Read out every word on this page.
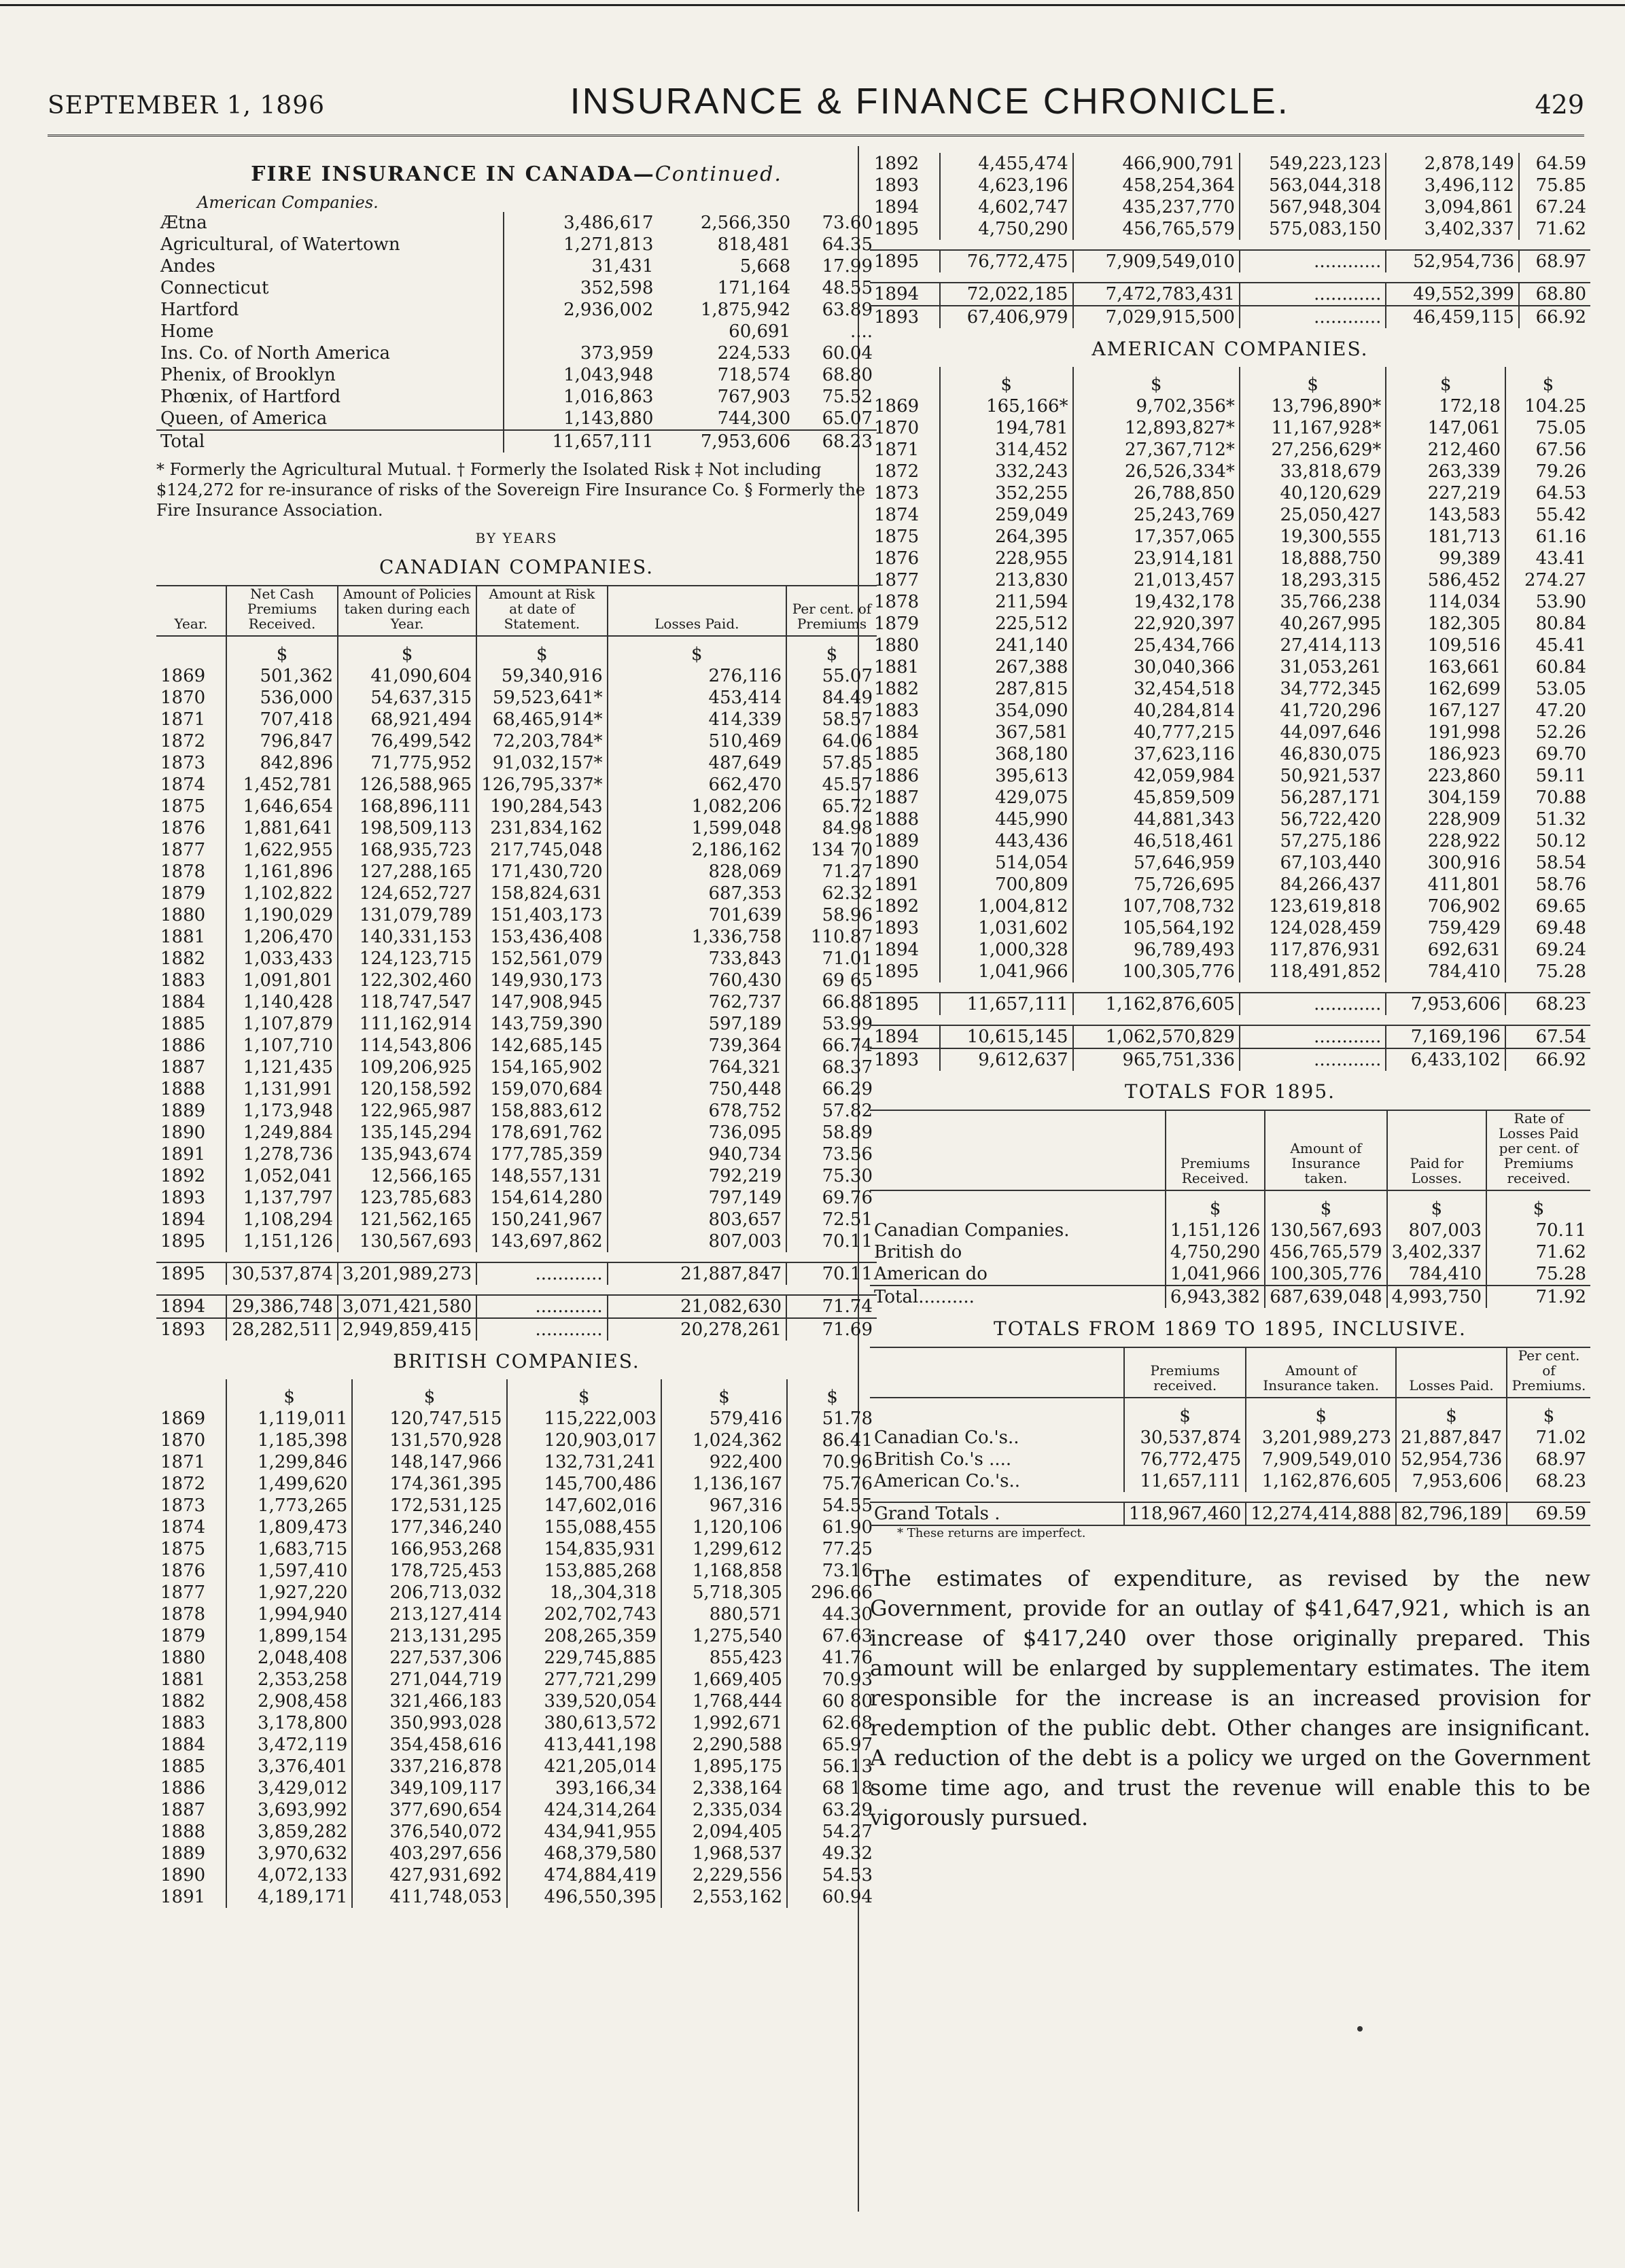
SEPTEMBER 1, 1896	INSURANCE & FINANCE CHRONICLE.	429
FIRE INSURANCE IN CANADA—Continued.
American Companies.
Ætna	3,486,617	2,566,350	73.60
Agricultural, of Watertown	1,271,813	818,481	64.35
Andes	31,431	5,668	17.99
Connecticut	352,598	171,164	48.55
Hartford	2,936,002	1,875,942	63.89
Home		60,691	....
Ins. Co. of North America	373,959	224,533	60.04
Phenix, of Brooklyn	1,043,948	718,574	68.80
Phœnix, of Hartford	1,016,863	767,903	75.52
Queen, of America	1,143,880	744,300	65.07
Total	11,657,111	7,953,606	68.23
* Formerly the Agricultural Mutual. † Formerly the Isolated Risk ‡ Not including $124,272 for re-insurance of risks of the Sovereign Fire Insurance Co. § Formerly the Fire Insurance Association.
BY YEARS
CANADIAN COMPANIES.
Year.	Net Cash Premiums Received.	Amount of Policies taken during each Year.	Amount at Risk at date of Statement.	Losses Paid.	Per cent. of Premiums
	$	$	$	$	$
1869	501,362	41,090,604	59,340,916	276,116	55.07
1870	536,000	54,637,315	59,523,641*	453,414	84.49
1871	707,418	68,921,494	68,465,914*	414,339	58.57
1872	796,847	76,499,542	72,203,784*	510,469	64.06
1873	842,896	71,775,952	91,032,157*	487,649	57.85
1874	1,452,781	126,588,965	126,795,337*	662,470	45.57
1875	1,646,654	168,896,111	190,284,543	1,082,206	65.72
1876	1,881,641	198,509,113	231,834,162	1,599,048	84.98
1877	1,622,955	168,935,723	217,745,048	2,186,162	134 70
1878	1,161,896	127,288,165	171,430,720	828,069	71.27
1879	1,102,822	124,652,727	158,824,631	687,353	62.32
1880	1,190,029	131,079,789	151,403,173	701,639	58.96
1881	1,206,470	140,331,153	153,436,408	1,336,758	110.87
1882	1,033,433	124,123,715	152,561,079	733,843	71.01
1883	1,091,801	122,302,460	149,930,173	760,430	69 65
1884	1,140,428	118,747,547	147,908,945	762,737	66.88
1885	1,107,879	111,162,914	143,759,390	597,189	53.99
1886	1,107,710	114,543,806	142,685,145	739,364	66.74
1887	1,121,435	109,206,925	154,165,902	764,321	68.37
1888	1,131,991	120,158,592	159,070,684	750,448	66.29
1889	1,173,948	122,965,987	158,883,612	678,752	57.82
1890	1,249,884	135,145,294	178,691,762	736,095	58.89
1891	1,278,736	135,943,674	177,785,359	940,734	73.56
1892	1,052,041	12,566,165	148,557,131	792,219	75.30
1893	1,137,797	123,785,683	154,614,280	797,149	69.76
1894	1,108,294	121,562,165	150,241,967	803,657	72.51
1895	1,151,126	130,567,693	143,697,862	807,003	70.11

1895	30,537,874	3,201,989,273	............	21,887,847	70.11

1894	29,386,748	3,071,421,580	............	21,082,630	71.74
1893	28,282,511	2,949,859,415	............	20,278,261	71.69
BRITISH COMPANIES.
	$	$	$	$	$
1869	1,119,011	120,747,515	115,222,003	579,416	51.78
1870	1,185,398	131,570,928	120,903,017	1,024,362	86.41
1871	1,299,846	148,147,966	132,731,241	922,400	70.96
1872	1,499,620	174,361,395	145,700,486	1,136,167	75.76
1873	1,773,265	172,531,125	147,602,016	967,316	54.55
1874	1,809,473	177,346,240	155,088,455	1,120,106	61.90
1875	1,683,715	166,953,268	154,835,931	1,299,612	77.25
1876	1,597,410	178,725,453	153,885,268	1,168,858	73.16
1877	1,927,220	206,713,032	18,,304,318	5,718,305	296.66
1878	1,994,940	213,127,414	202,702,743	880,571	44.30
1879	1,899,154	213,131,295	208,265,359	1,275,540	67.63
1880	2,048,408	227,537,306	229,745,885	855,423	41.76
1881	2,353,258	271,044,719	277,721,299	1,669,405	70.93
1882	2,908,458	321,466,183	339,520,054	1,768,444	60 80
1883	3,178,800	350,993,028	380,613,572	1,992,671	62.68
1884	3,472,119	354,458,616	413,441,198	2,290,588	65.97
1885	3,376,401	337,216,878	421,205,014	1,895,175	56.13
1886	3,429,012	349,109,117	393,166,34	2,338,164	68 18
1887	3,693,992	377,690,654	424,314,264	2,335,034	63.29
1888	3,859,282	376,540,072	434,941,955	2,094,405	54.27
1889	3,970,632	403,297,656	468,379,580	1,968,537	49.32
1890	4,072,133	427,931,692	474,884,419	2,229,556	54.53
1891	4,189,171	411,748,053	496,550,395	2,553,162	60.94
1892	4,455,474	466,900,791	549,223,123	2,878,149	64.59
1893	4,623,196	458,254,364	563,044,318	3,496,112	75.85
1894	4,602,747	435,237,770	567,948,304	3,094,861	67.24
1895	4,750,290	456,765,579	575,083,150	3,402,337	71.62

1895	76,772,475	7,909,549,010	............	52,954,736	68.97

1894	72,022,185	7,472,783,431	............	49,552,399	68.80
1893	67,406,979	7,029,915,500	............	46,459,115	66.92
AMERICAN COMPANIES.
	$	$	$	$	$
1869	165,166*	9,702,356*	13,796,890*	172,18	104.25
1870	194,781	12,893,827*	11,167,928*	147,061	75.05
1871	314,452	27,367,712*	27,256,629*	212,460	67.56
1872	332,243	26,526,334*	33,818,679	263,339	79.26
1873	352,255	26,788,850	40,120,629	227,219	64.53
1874	259,049	25,243,769	25,050,427	143,583	55.42
1875	264,395	17,357,065	19,300,555	181,713	61.16
1876	228,955	23,914,181	18,888,750	99,389	43.41
1877	213,830	21,013,457	18,293,315	586,452	274.27
1878	211,594	19,432,178	35,766,238	114,034	53.90
1879	225,512	22,920,397	40,267,995	182,305	80.84
1880	241,140	25,434,766	27,414,113	109,516	45.41
1881	267,388	30,040,366	31,053,261	163,661	60.84
1882	287,815	32,454,518	34,772,345	162,699	53.05
1883	354,090	40,284,814	41,720,296	167,127	47.20
1884	367,581	40,777,215	44,097,646	191,998	52.26
1885	368,180	37,623,116	46,830,075	186,923	69.70
1886	395,613	42,059,984	50,921,537	223,860	59.11
1887	429,075	45,859,509	56,287,171	304,159	70.88
1888	445,990	44,881,343	56,722,420	228,909	51.32
1889	443,436	46,518,461	57,275,186	228,922	50.12
1890	514,054	57,646,959	67,103,440	300,916	58.54
1891	700,809	75,726,695	84,266,437	411,801	58.76
1892	1,004,812	107,708,732	123,619,818	706,902	69.65
1893	1,031,602	105,564,192	124,028,459	759,429	69.48
1894	1,000,328	96,789,493	117,876,931	692,631	69.24
1895	1,041,966	100,305,776	118,491,852	784,410	75.28

1895	11,657,111	1,162,876,605	............	7,953,606	68.23

1894	10,615,145	1,062,570,829	............	7,169,196	67.54
1893	9,612,637	965,751,336	............	6,433,102	66.92
TOTALS FOR 1895.
	Premiums Received.	Amount of Insurance taken.	Paid for Losses.	Rate of Losses Paid per cent. of Premiums received.
	$	$	$	$
Canadian Companies.	1,151,126	130,567,693	807,003	70.11
British do	4,750,290	456,765,579	3,402,337	71.62
American do	1,041,966	100,305,776	784,410	75.28
Total..........	6,943,382	687,639,048	4,993,750	71.92
TOTALS FROM 1869 TO 1895, INCLUSIVE.
	Premiums received.	Amount of Insurance taken.	Losses Paid.	Per cent. of Premiums.
	$	$	$	$
Canadian Co.'s..	30,537,874	3,201,989,273	21,887,847	71.02
British Co.'s ....	76,772,475	7,909,549,010	52,954,736	68.97
American Co.'s..	11,657,111	1,162,876,605	7,953,606	68.23

Grand Totals .	118,967,460	12,274,414,888	82,796,189	69.59
* These returns are imperfect.
The estimates of expenditure, as revised by the new Government, provide for an outlay of $41,647,921, which is an increase of $417,240 over those originally prepared. This amount will be enlarged by supplementary estimates. The item responsible for the increase is an increased provision for redemption of the public debt. Other changes are insignificant. A reduction of the debt is a policy we urged on the Government some time ago, and trust the revenue will enable this to be vigorously pursued.
